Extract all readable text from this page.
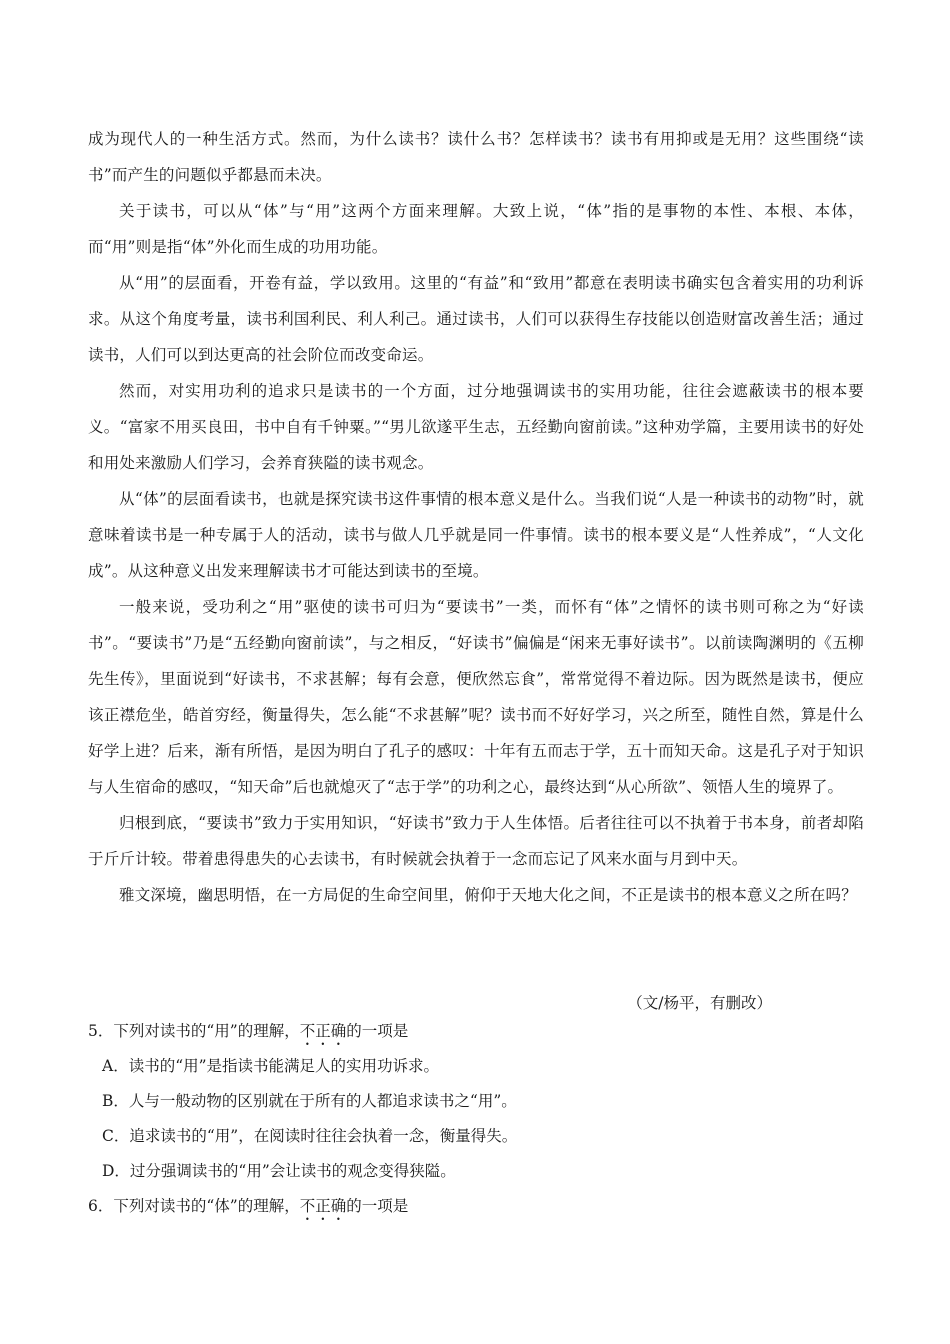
成为现代人的一种生活方式。然而，为什么读书？读什么书？怎样读书？读书有用抑或是无用？这些围绕“读书”而产生的问题似乎都悬而未决。

关于读书，可以从“体”与“用”这两个方面来理解。大致上说，“体”指的是事物的本性、本根、本体，而“用”则是指“体”外化而生成的功用功能。

从“用”的层面看，开卷有益，学以致用。这里的“有益”和“致用”都意在表明读书确实包含着实用的功利诉求。从这个角度考量，读书利国利民、利人利己。通过读书，人们可以获得生存技能以创造财富改善生活；通过读书，人们可以到达更高的社会阶位而改变命运。

然而，对实用功利的追求只是读书的一个方面，过分地强调读书的实用功能，往往会遮蔽读书的根本要义。“富家不用买良田，书中自有千钟粟。”“男儿欲遂平生志，五经勤向窗前读。”这种劝学篇，主要用读书的好处和用处来激励人们学习，会养育狭隘的读书观念。

从“体”的层面看读书，也就是探究读书这件事情的根本意义是什么。当我们说“人是一种读书的动物”时，就意味着读书是一种专属于人的活动，读书与做人几乎就是同一件事情。读书的根本要义是“人性养成”，“人文化成”。从这种意义出发来理解读书才可能达到读书的至境。

一般来说，受功利之“用”驱使的读书可归为“要读书”一类，而怀有“体”之情怀的读书则可称之为“好读书”。“要读书”乃是“五经勤向窗前读”，与之相反，“好读书”偏偏是“闲来无事好读书”。以前读陶渊明的《五柳先生传》，里面说到“好读书，不求甚解；每有会意，便欣然忘食”，常常觉得不着边际。因为既然是读书，便应该正襟危坐，皓首穷经，衡量得失，怎么能“不求甚解”呢？读书而不好好学习，兴之所至，随性自然，算是什么好学上进？后来，渐有所悟，是因为明白了孔子的感叹：十年有五而志于学，五十而知天命。这是孔子对于知识与人生宿命的感叹，“知天命”后也就熄灭了“志于学”的功利之心，最终达到“从心所欲”、领悟人生的境界了。

归根到底，“要读书”致力于实用知识，“好读书”致力于人生体悟。后者往往可以不执着于书本身，前者却陷于斤斤计较。带着患得患失的心去读书，有时候就会执着于一念而忘记了风来水面与月到中天。

雅文深境，幽思明悟，在一方局促的生命空间里，俯仰于天地大化之间，不正是读书的根本意义之所在吗？

（文/杨平，有删改）

5．下列对读书的“用”的理解，不正确的一项是

A．读书的“用”是指读书能满足人的实用功诉求。

B．人与一般动物的区别就在于所有的人都追求读书之“用”。

C．追求读书的“用”，在阅读时往往会执着一念，衡量得失。

D．过分强调读书的“用”会让读书的观念变得狭隘。

6．下列对读书的“体”的理解，不正确的一项是
